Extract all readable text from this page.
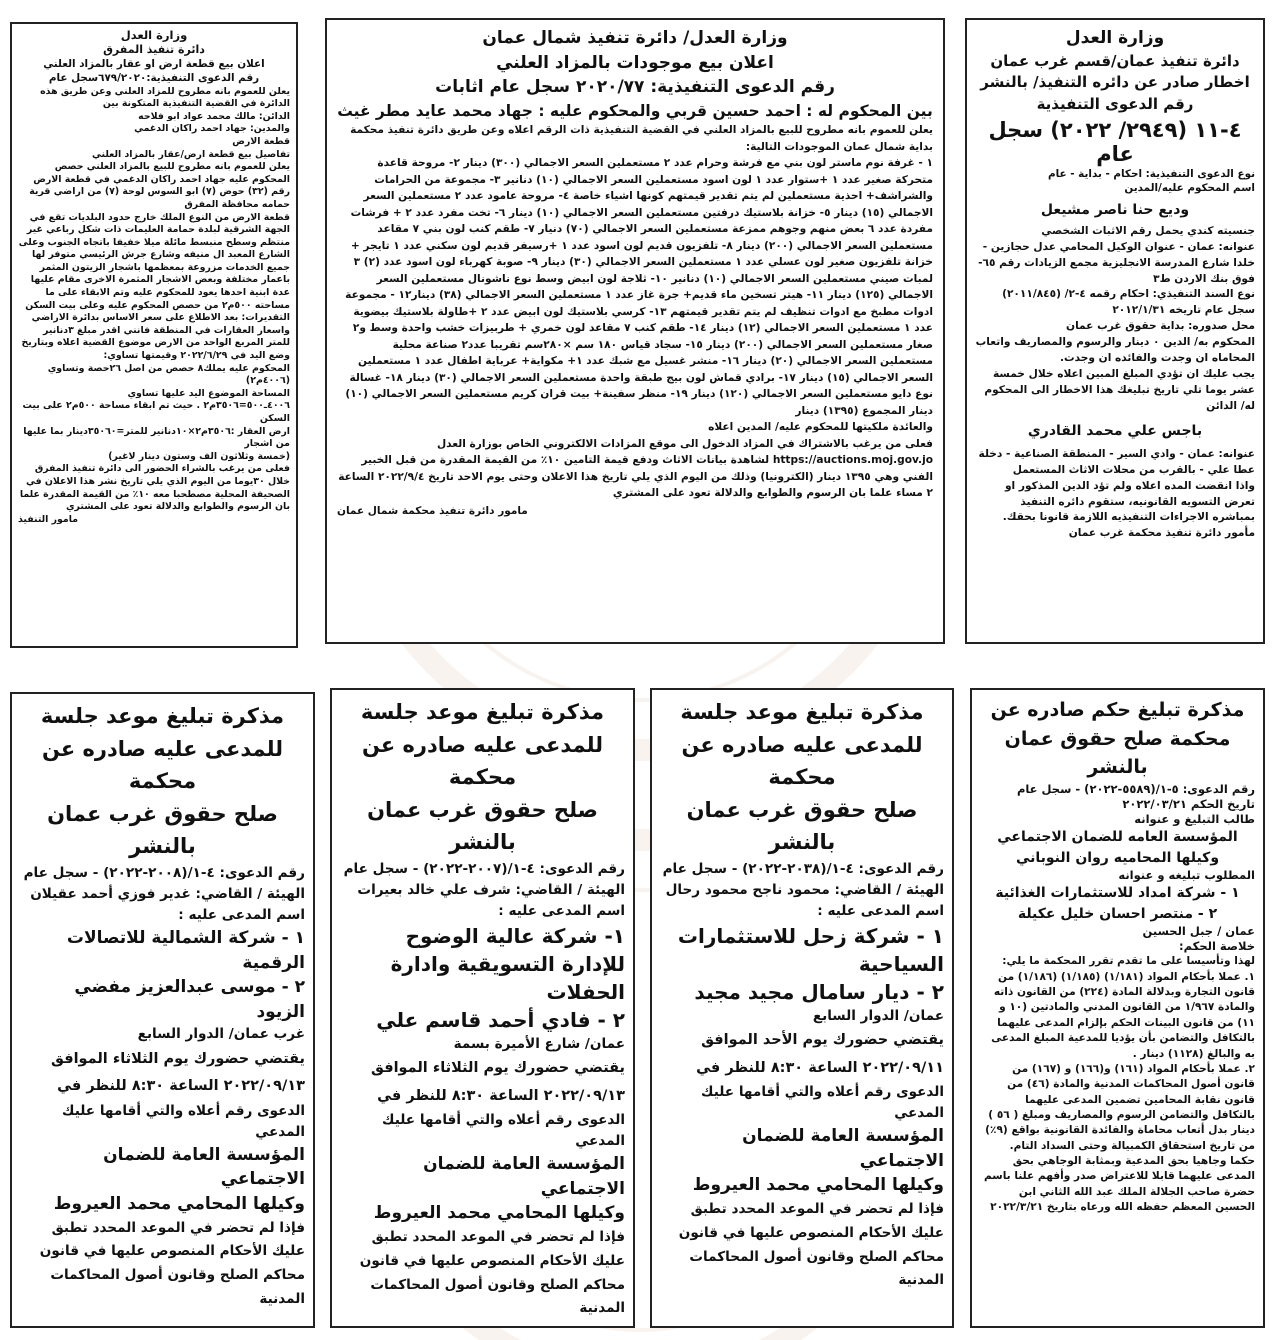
وزارة العدل

دائرة تنفيذ المفرق

اعلان بيع قطعة ارض او عقار بالمزاد العلني

رقم الدعوى التنفيذية:٦٧٩/٢٠٢٠سجل عام

يعلن للعموم بانه مطروح للمزاد العلني وعن طريق هذه الدائرة في القضية التنفيذية المتكونة بين

الدائن: مالك محمد عواد ابو فلاحه

والمدين: جهاد احمد راكان الدغمي

قطعة الارض

تفاصيل بيع قطعة ارض/عقار بالمزاد العلني

يعلن للعموم بانه مطروح للبيع بالمزاد العلني حصص المحكوم عليه جهاد احمد راكان الدغمي في قطعة الارض رقم (٣٢) حوض (٧) ابو السوس لوحة (٧) من اراضي قرية حمامه محافظة المفرق

قطعة الارض من النوع الملك خارج حدود البلديات تقع في الجهة الشرقية لبلدة حمامة العليمات ذات شكل رباعي غير منتظم وسطح منبسط مائلة ميلا خفيفا باتجاه الجنوب وعلى الشارع المعبد ال منيفه وشارع جرش الرئيسي متوفر لها جميع الخدمات مزروعة بمعظمها باشجار الزيتون المثمر باعمار مختلفة وبعض الاشجار المثمرة الاخرى مقام عليها عدة ابنية احدها يعود للمحكوم عليه وتم الابقاء على ما مساحته ٥٠٠م٢ من حصص المحكوم عليه وعلى بيت السكن

التقديرات: بعد الاطلاع على سعر الاساس بدائرة الاراضي واسعار العقارات في المنطقة فانني اقدر مبلغ ٣دنانير للمتر المربع الواحد من الارض موضوع القضية اعلاه وبتاريخ وضع اليد في ٢٠٢٢/٦/٢٩ وقيمتها تساوي:

المحكوم عليه يملك٨ حصص من اصل ٢٦حصة وتساوي (٤٠٠٦م٢)

المساحة الموضوع اليد عليها تساوي

٤٠٠٦ـ٥٠٠=٣٥٠٦م٢ . حيث تم ابقاء مساحة ٥٠٠م٢ على بيت السكن

ارض العقار :٣٥٠٦م٢×١٠دنانير للمتر=٣٥٠٦٠دينار بما عليها من اشجار

(خمسة وثلاثون الف وستون دينار لاغير)

فعلى من يرغب بالشراء الحضور الى دائرة تنفيذ المفرق خلال ٣٠يوما من اليوم الذي يلي تاريخ نشر هذا الاعلان في الصحيفة المحلية مصطحبا معه ١٠٪ من القيمة المقدرة علما بان الرسوم والطوابع والدلالة تعود على المشتري

مامور التنفيذ

وزارة العدل/ دائرة تنفيذ شمال عمان

اعلان بيع موجودات بالمزاد العلني

رقم الدعوى التنفيذية: ٢٠٢٠/٧٧ سجل عام اثابات

بين المحكوم له : احمد حسين قربي والمحكوم عليه : جهاد محمد عايد مطر غيث

يعلن للعموم بانه مطروح للبيع بالمزاد العلني في القضية التنفيذية ذات الرقم اعلاه وعن طريق دائرة تنفيذ محكمة بداية شمال عمان الموجودات التالية:

١ - غرفة نوم ماستر لون بني مع فرشة وحرام عدد ٢ مستعملين السعر الاجمالي (٣٠٠) دينار ٢- مروحة قاعدة متحركة صغير عدد ١ +ستوار عدد ١ لون اسود مستعملين السعر الاجمالي (١٠) دنانير ٣- مجموعة من الحرامات والشراشف+ احذية مستعملين لم يتم تقدير قيمتهم كونها اشياء خاصة ٤- مروحة عامود عدد ٢ مستعملين السعر الاجمالي (١٥) دينار ٥- خزانة بلاستيك درفتين مستعملين السعر الاجمالي (١٠) دينار ٦- تخت مفرد عدد ٢ + فرشات مفردة عدد ٦ بعض منهم وجوهم ممزعة مستعملين السعر الاجمالي (٧٠) دنيار ٧- طقم كنب لون بني ٧ مقاعد مستعملين السعر الاجمالي (٢٠٠) دينار ٨- تلفزيون قديم لون اسود عدد ١ +رسيفر قديم لون سكني عدد ١ تايجر + خزانة تلفزيون صغير لون عسلي عدد ١ مستعملين السعر الاجمالي (٣٠) دينار ٩- صوبة كهرباء لون اسود عدد (٢) ٣ لمبات صيني مستعملين السعر الاجمالي (١٠) دنانير ١٠- ثلاجة لون ابيض وسط نوع ناشونال مستعملين السعر الاجمالي (١٢٥) دينار ١١- هيتر تسخين ماء قديم+ جرة غاز عدد ١ مستعملين السعر الاجمالي (٣٨) دينار١٢ - مجموعة ادوات مطبخ مع ادوات تنظيف لم يتم تقدير قيمتهم ١٣- كرسي بلاستيك لون ابيض عدد ٢ +طاولة بلاستيك بيضوية عدد ١ مستعملين السعر الاجمالي (١٢) دينار ١٤- طقم كنب ٧ مقاعد لون خمري + طربيزات خشب واحدة وسط و٢ صغار مستعملين السعر الاجمالي (٢٠٠) دينار ١٥- سجاد قياس ١٨٠ سم ×٢٨٠سم تقريبا عدد٢ صناعة محلية مستعملين السعر الاجمالي (٢٠) دينار ١٦- منشر غسيل مع شبك عدد ١+ مكواية+ عرباية اطفال عدد ١ مستعملين السعر الاجمالي (١٥) دينار ١٧- برادي قماش لون بيج طبقة واحدة مستعملين السعر الاجمالي (٣٠) دينار ١٨- غسالة نوع دايو مستعملين السعر الاجمالي (١٢٠) دينار ١٩- منظر سفينة+ بيت قران كريم مستعملين السعر الاجمالي (١٠) دينار المجموع (١٣٩٥) دينار

والعائدة ملكيتها للمحكوم عليه/ المدين اعلاه

فعلى من يرغب بالاشتراك في المزاد الدخول الى موقع المزادات الالكتروني الخاص بوزارة العدل https://auctions.moj.gov.jo لشاهدة بيانات الاثاث ودفع قيمة التامين ١٠٪ من القيمة المقدرة من قبل الخبير الفني وهي ١٣٩٥ دينار (الكترونيا) وذلك من اليوم الذي يلي تاريخ هذا الاعلان وحتى يوم الاحد تاريخ ٢٠٢٢/٩/٤ الساعة ٢ مساء علما بان الرسوم والطوابع والدلالة تعود على المشتري

مامور دائرة تنفيذ محكمة شمال عمان

وزارة العدل

دائرة تنفيذ عمان/قسم غرب عمان

اخطار صادر عن دائره التنفيذ/ بالنشر

رقم الدعوى التنفيذية

٤-١١ (٢٩٤٩/ ٢٠٢٢) سجل عام

نوع الدعوى التنفيذية: احكام - بداية - عام

اسم المحكوم عليه/المدين

وديع حنا ناصر مشيعل

جنسيته كندي يحمل رقم الاثبات الشخصي

عنوانه: عمان - عنوان الوكيل المحامي عدل حجازين - خلدا شارع المدرسة الانجليزية مجمع الزيادات رقم ٦٥- فوق بنك الاردن ط٣

نوع السند التنفيذي: احكام رقمه ٤-٢/ (٢٠١١/٨٤٥) سجل عام تاريخه ٢٠١٢/١/٣١

محل صدوره: بداية حقوق غرب عمان

المحكوم به/ الدين ٠ دينار والرسوم والمصاريف واتعاب المحاماه ان وجدت والفائده ان وجدت.

يجب عليك ان تؤدي المبلغ المبين اعلاه خلال خمسة عشر يوما تلي تاريخ تبليغك هذا الاخطار الى المحكوم له/ الدائن

باجس علي محمد القادري

عنوانه: عمان - وادي السير - المنطقة الصناعية - دخلة عطا علي - بالقرب من محلات الاثاث المستعمل

واذا انقضت المده اعلاه ولم تؤد الدين المذكور او تعرض التسويه القانونيه، ستقوم دائره التنفيذ بمباشره الاجراءات التنفيذيه اللازمة قانونا بحقك.

مأمور دائرة تنفيذ محكمة غرب عمان

مذكرة تبليغ موعد جلسة

للمدعى عليه صادره عن محكمة

صلح حقوق غرب عمان بالنشر

رقم الدعوى: ٤-١/(٢٠٠٨-٢٠٢٢) - سجل عام

الهيئة / القاضي: غدير فوزي أحمد عقيلان

اسم المدعى عليه :

١ - شركة الشمالية للاتصالات الرقمية

٢ - موسى عبدالعزيز مفضي الزيود

غرب عمان/ الدوار السابع

يقتضي حضورك يوم الثلاثاء الموافق ٢٠٢٢/٠٩/١٣ الساعة ٨:٣٠ للنظر في

الدعوى رقم أعلاه والتي أقامها عليك المدعي

المؤسسة العامة للضمان الاجتماعي

وكيلها المحامي محمد العيروط

فإذا لم تحضر في الموعد المحدد تطبق عليك الأحكام المنصوص عليها في قانون محاكم الصلح وقانون أصول المحاكمات المدنية

مذكرة تبليغ موعد جلسة

للمدعى عليه صادره عن محكمة

صلح حقوق غرب عمان بالنشر

رقم الدعوى: ٤-١/(٢٠٠٧-٢٠٢٢) - سجل عام

الهيئة / القاضي: شرف علي خالد بعيرات

اسم المدعى عليه :

١- شركة عالية الوضوح للإدارة التسويقية وادارة الحفلات

٢ - فادي أحمد قاسم علي

عمان/ شارع الأميرة بسمة

يقتضي حضورك يوم الثلاثاء الموافق ٢٠٢٢/٠٩/١٣ الساعة ٨:٣٠ للنظر في

الدعوى رقم أعلاه والتي أقامها عليك المدعي

المؤسسة العامة للضمان الاجتماعي

وكيلها المحامي محمد العيروط

فإذا لم تحضر في الموعد المحدد تطبق عليك الأحكام المنصوص عليها في قانون محاكم الصلح وقانون أصول المحاكمات المدنية

مذكرة تبليغ موعد جلسة

للمدعى عليه صادره عن محكمة

صلح حقوق غرب عمان بالنشر

رقم الدعوى: ٤-١/(٢٠٣٨-٢٠٢٢) - سجل عام

الهيئة / القاضي: محمود ناجح محمود رحال

اسم المدعى عليه :

١ - شركة زحل للاستثمارات السياحية

٢ - ديار سامال مجيد مجيد

عمان/ الدوار السابع

يقتضي حضورك يوم الأحد الموافق ٢٠٢٢/٠٩/١١ الساعة ٨:٣٠ للنظر في

الدعوى رقم أعلاه والتي أقامها عليك المدعي

المؤسسة العامة للضمان الاجتماعي

وكيلها المحامي محمد العيروط

فإذا لم تحضر في الموعد المحدد تطبق عليك الأحكام المنصوص عليها في قانون محاكم الصلح وقانون أصول المحاكمات المدنية

مذكرة تبليغ حكم صادره عن محكمة صلح حقوق عمان بالنشر

رقم الدعوى: ٥-١/(٥٥٨٩-٢٠٢٢) - سجل عام

تاريخ الحكم ٢٠٢٢/٠٣/٢١

طالب التبليغ و عنوانه

المؤسسة العامه للضمان الاجتماعي

وكيلها المحاميه روان النوباني

المطلوب تبليغه و عنوانه

١ - شركة امداد للاستثمارات الغذائية

٢ - منتصر احسان خليل عكيلة

عمان / جبل الحسين

خلاصة الحكم:

لهذا وتأسيسا على ما تقدم تقرر المحكمة ما يلي:

١. عملا بأحكام المواد (١/١٨١) (١/١٨٥) (١/١٨٦) من قانون التجارة وبدلالة المادة (٢٢٤) من القانون ذاته والمادة ١/٩٦٧ من القانون المدني والمادتين (١٠ و ١١) من قانون البينات الحكم بإلزام المدعى عليهما بالتكافل والتضامن بأن يؤديا للمدعية المبلغ المدعى به والبالغ (١١٢٨) دينار .

٢. عملا بأحكام المواد (١٦١) و(١٦٦) و (١٦٧) من قانون أصول المحاكمات المدنية والمادة (٤٦) من قانون نقابة المحامين تضمين المدعى عليهما بالتكافل والتضامن الرسوم والمصاريف ومبلغ ( ٥٦ ) دينار بدل أتعاب محاماة والفائدة القانونية بواقع (٩٪) من تاريخ استحقاق الكمبيالة وحتى السداد التام.

حكما وجاهيا بحق المدعية وبمثابة الوجاهي بحق المدعى عليهما قابلا للاعتراض صدر وأفهم علنا باسم حضرة صاحب الجلالة الملك عبد الله الثاني ابن الحسين المعظم حفظه الله ورعاه بتاريخ ٢٠٢٢/٣/٢١
